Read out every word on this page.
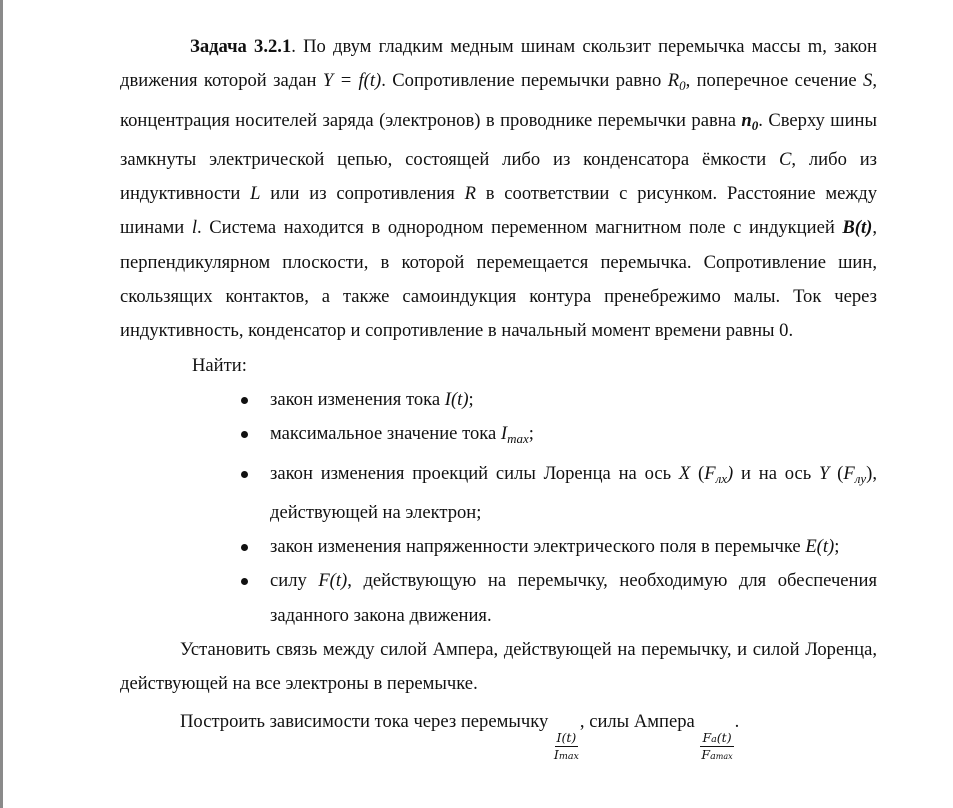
Задача 3.2.1. По двум гладким медным шинам скользит перемычка массы m, закон движения которой задан Y = f(t). Сопротивление перемычки равно $R_0$, поперечное сечение S, концентрация носителей заряда (электронов) в проводнике перемычки равна $n_0$. Сверху шины замкнуты электрической цепью, состоящей либо из конденсатора ёмкости C, либо из индуктивности L или из сопротивления R в соответствии с рисунком. Расстояние между шинами l. Система находится в однородном переменном магнитном поле с индукцией B(t), перпендикулярном плоскости, в которой перемещается перемычка. Сопротивление шин, скользящих контактов, а также самоиндукция контура пренебрежимо малы. Ток через индуктивность, конденсатор и сопротивление в начальный момент времени равны 0.

Найти:

закон изменения тока I(t);
максимальное значение тока $I_{max}$;
закон изменения проекций силы Лоренца на ось X $(F_{лx})$ и на ось Y $(F_{лy})$, действующей на электрон;
закон изменения напряженности электрического поля в перемычке E(t);
силу F(t), действующую на перемычку, необходимую для обеспечения заданного закона движения.

Установить связь между силой Ампера, действующей на перемычку, и силой Лоренца, действующей на все электроны в перемычке.

Построить зависимости тока через перемычку
$\frac{I(t)}{Imax}$
, силы Ампера
$\frac{Fa(t)}{Famax}$
.
